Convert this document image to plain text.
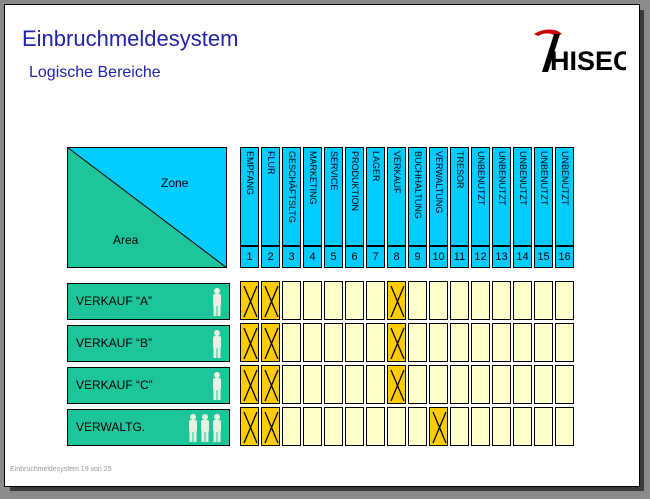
Einbruchmeldesystem
Logische Bereiche	HISEC
Zone
Area
EMPFANG
1
FLUR
2
GESCHÄFTSLTG
3
MARKETING
4
SERVICE
5
PRODUKTION
6
LAGER
7
VERKAUF
8
BUCHHALTUNG
9
VERWALTUNG
10
TRESOR
11
UNBENUTZT
12
UNBENUTZT
13
UNBENUTZT
14
UNBENUTZT
15
UNBENUTZT
16
VERKAUF “A”
VERKAUF “B”
VERKAUF “C”
VERWALTG.
Einbruchmeldesystem 19 von 25
